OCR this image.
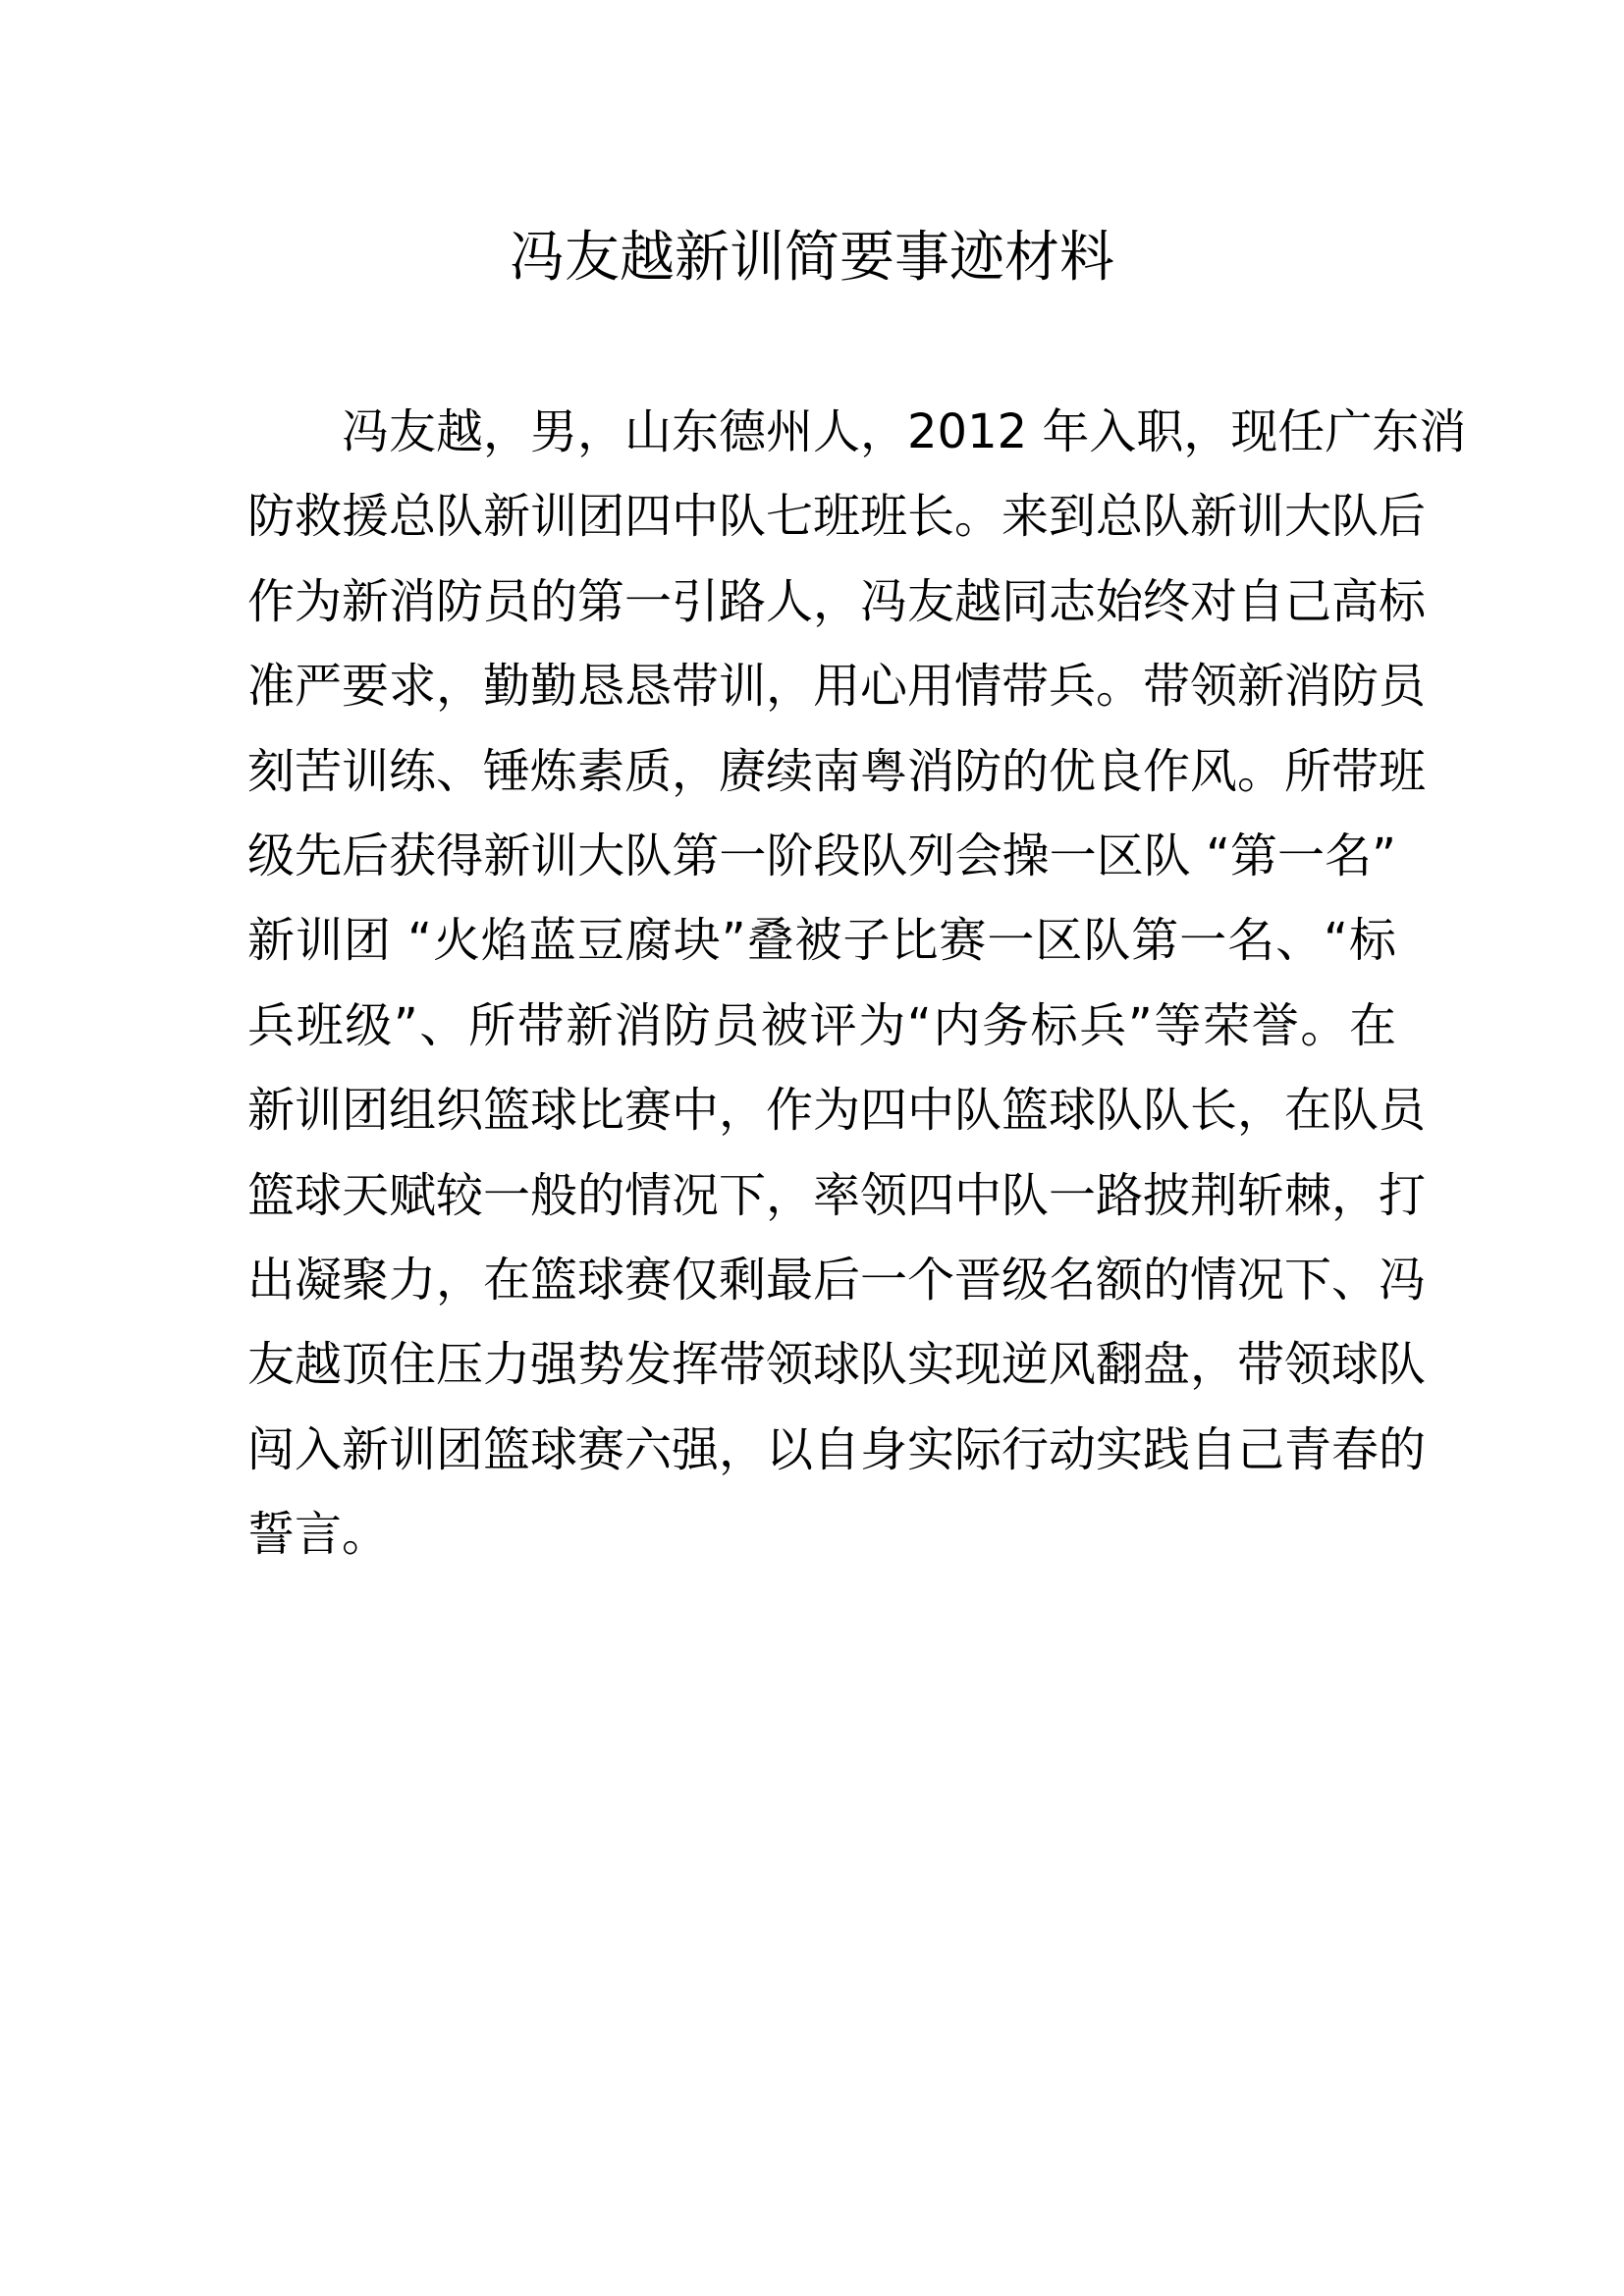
冯友越新训简要事迹材料
冯友越，男，山东德州人，2012 年入职，现任广东消
防救援总队新训团四中队七班班长。来到总队新训大队后
作为新消防员的第一引路人，冯友越同志始终对自己高标
准严要求，勤勤恳恳带训，用心用情带兵。带领新消防员
刻苦训练、锤炼素质，赓续南粤消防的优良作风。所带班
级先后获得新训大队第一阶段队列会操一区队 “第一名”
新训团 “火焰蓝豆腐块”叠被子比赛一区队第一名、“标
兵班级”、所带新消防员被评为“内务标兵”等荣誉。在
新训团组织篮球比赛中，作为四中队篮球队队长，在队员
篮球天赋较一般的情况下，率领四中队一路披荆斩棘，打
出凝聚力，在篮球赛仅剩最后一个晋级名额的情况下、冯
友越顶住压力强势发挥带领球队实现逆风翻盘，带领球队
闯入新训团篮球赛六强，以自身实际行动实践自己青春的
誓言。
